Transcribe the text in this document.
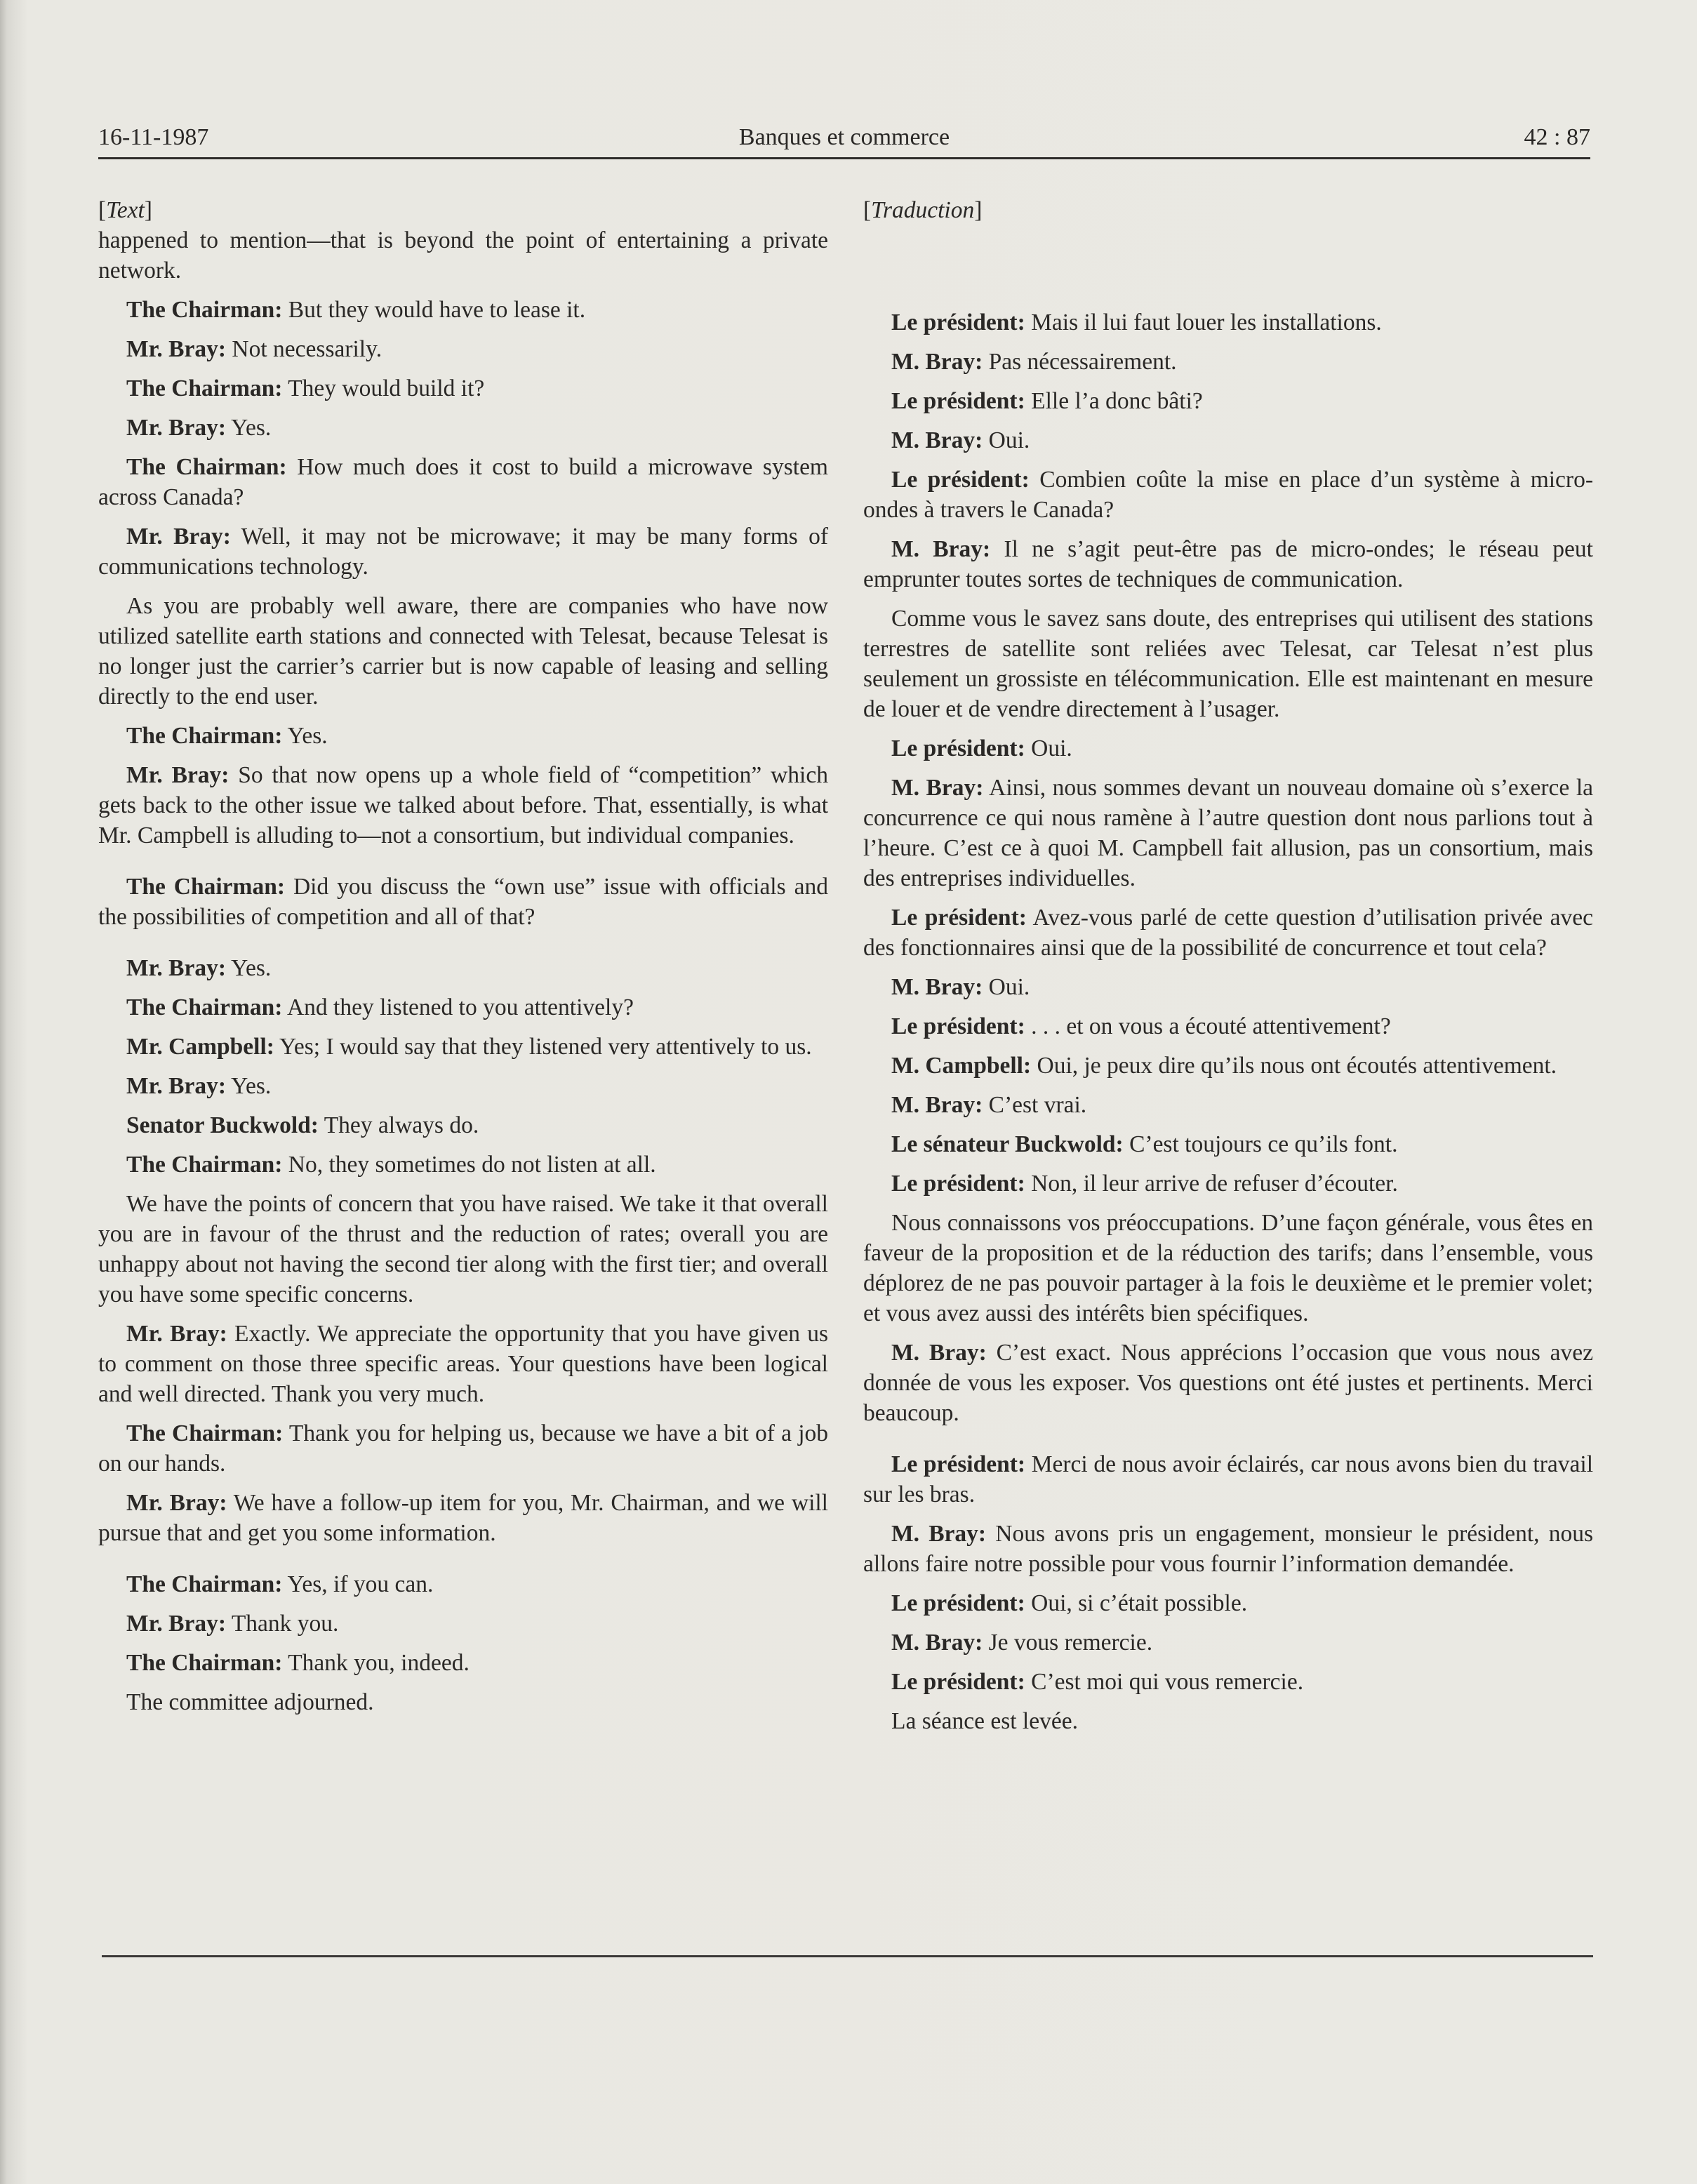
16-11-1987	Banques et commerce	42 : 87

[Text]

happened to mention—that is beyond the point of entertaining a private network.

The Chairman: But they would have to lease it.

Mr. Bray: Not necessarily.

The Chairman: They would build it?

Mr. Bray: Yes.

The Chairman: How much does it cost to build a microwave system across Canada?

Mr. Bray: Well, it may not be microwave; it may be many forms of communications technology.

As you are probably well aware, there are companies who have now utilized satellite earth stations and connected with Telesat, because Telesat is no longer just the carrier’s carrier but is now capable of leasing and selling directly to the end user.

The Chairman: Yes.

Mr. Bray: So that now opens up a whole field of “competition” which gets back to the other issue we talked about before. That, essentially, is what Mr. Campbell is alluding to—not a consortium, but individual companies.

The Chairman: Did you discuss the “own use” issue with officials and the possibilities of competition and all of that?

Mr. Bray: Yes.

The Chairman: And they listened to you attentively?

Mr. Campbell: Yes; I would say that they listened very attentively to us.

Mr. Bray: Yes.

Senator Buckwold: They always do.

The Chairman: No, they sometimes do not listen at all.

We have the points of concern that you have raised. We take it that overall you are in favour of the thrust and the reduction of rates; overall you are unhappy about not having the second tier along with the first tier; and overall you have some specific concerns.

Mr. Bray: Exactly. We appreciate the opportunity that you have given us to comment on those three specific areas. Your questions have been logical and well directed. Thank you very much.

The Chairman: Thank you for helping us, because we have a bit of a job on our hands.

Mr. Bray: We have a follow-up item for you, Mr. Chairman, and we will pursue that and get you some information.

The Chairman: Yes, if you can.

Mr. Bray: Thank you.

The Chairman: Thank you, indeed.

The committee adjourned.

[Traduction]

Le président: Mais il lui faut louer les installations.

M. Bray: Pas nécessairement.

Le président: Elle l’a donc bâti?

M. Bray: Oui.

Le président: Combien coûte la mise en place d’un système à micro-ondes à travers le Canada?

M. Bray: Il ne s’agit peut-être pas de micro-ondes; le réseau peut emprunter toutes sortes de techniques de communication.

Comme vous le savez sans doute, des entreprises qui utilisent des stations terrestres de satellite sont reliées avec Telesat, car Telesat n’est plus seulement un grossiste en télécommunication. Elle est maintenant en mesure de louer et de vendre directement à l’usager.

Le président: Oui.

M. Bray: Ainsi, nous sommes devant un nouveau domaine où s’exerce la concurrence ce qui nous ramène à l’autre question dont nous parlions tout à l’heure. C’est ce à quoi M. Campbell fait allusion, pas un consortium, mais des entreprises individuelles.

Le président: Avez-vous parlé de cette question d’utilisation privée avec des fonctionnaires ainsi que de la possibilité de concurrence et tout cela?

M. Bray: Oui.

Le président: . . . et on vous a écouté attentivement?

M. Campbell: Oui, je peux dire qu’ils nous ont écoutés attentivement.

M. Bray: C’est vrai.

Le sénateur Buckwold: C’est toujours ce qu’ils font.

Le président: Non, il leur arrive de refuser d’écouter.

Nous connaissons vos préoccupations. D’une façon générale, vous êtes en faveur de la proposition et de la réduction des tarifs; dans l’ensemble, vous déplorez de ne pas pouvoir partager à la fois le deuxième et le premier volet; et vous avez aussi des intérêts bien spécifiques.

M. Bray: C’est exact. Nous apprécions l’occasion que vous nous avez donnée de vous les exposer. Vos questions ont été justes et pertinents. Merci beaucoup.

Le président: Merci de nous avoir éclairés, car nous avons bien du travail sur les bras.

M. Bray: Nous avons pris un engagement, monsieur le président, nous allons faire notre possible pour vous fournir l’information demandée.

Le président: Oui, si c’était possible.

M. Bray: Je vous remercie.

Le président: C’est moi qui vous remercie.

La séance est levée.
